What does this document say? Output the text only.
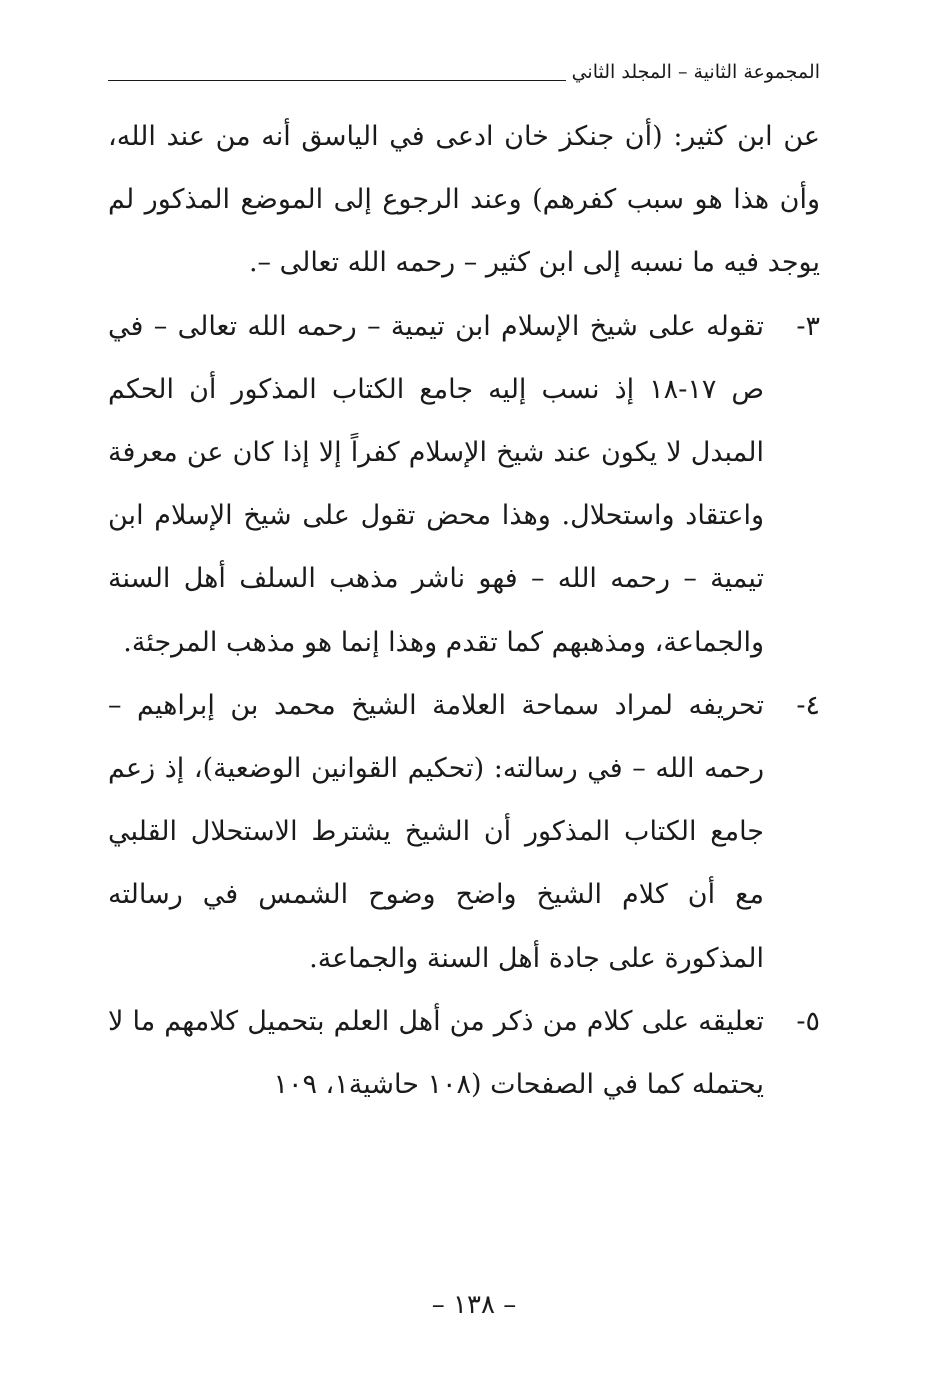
المجموعة الثانية – المجلد الثاني
عن ابن كثير: (أن جنكز خان ادعى في الياسق أنه من عند الله، وأن هذا هو سبب كفرهم) وعند الرجوع إلى الموضع المذكور لم يوجد فيه ما نسبه إلى ابن كثير – رحمه الله تعالى –.
٣-
تقوله على شيخ الإسلام ابن تيمية – رحمه الله تعالى – في ص ١٧-١٨ إذ نسب إليه جامع الكتاب المذكور أن الحكم المبدل لا يكون عند شيخ الإسلام كفراً إلا إذا كان عن معرفة واعتقاد واستحلال. وهذا محض تقول على شيخ الإسلام ابن تيمية – رحمه الله – فهو ناشر مذهب السلف أهل السنة والجماعة، ومذهبهم كما تقدم وهذا إنما هو مذهب المرجئة.
٤-
تحريفه لمراد سماحة العلامة الشيخ محمد بن إبراهيم – رحمه الله – في رسالته: (تحكيم القوانين الوضعية)، إذ زعم جامع الكتاب المذكور أن الشيخ يشترط الاستحلال القلبي مع أن كلام الشيخ واضح وضوح الشمس في رسالته المذكورة على جادة أهل السنة والجماعة.
٥-
تعليقه على كلام من ذكر من أهل العلم بتحميل كلامهم ما لا يحتمله كما في الصفحات (١٠٨ حاشية١، ١٠٩
– ١٣٨ –
